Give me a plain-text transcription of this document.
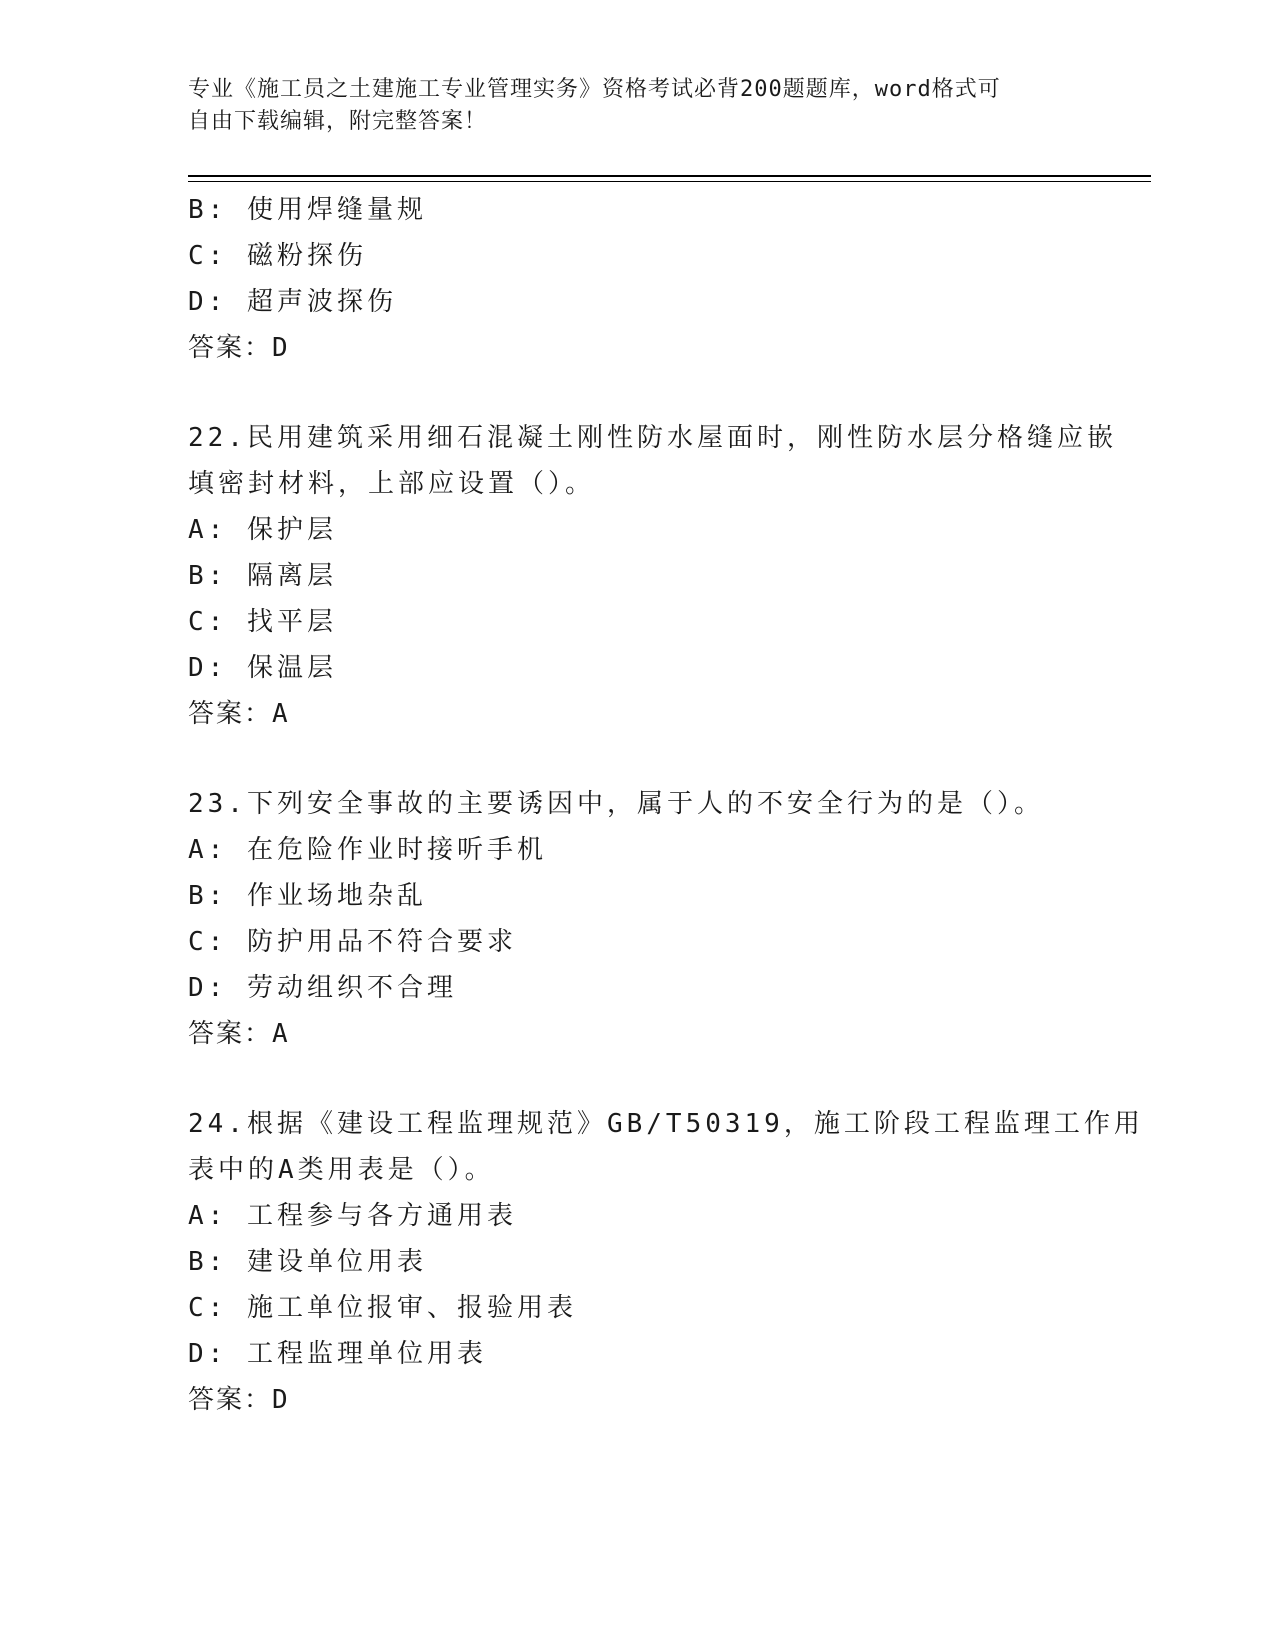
专业《施工员之土建施工专业管理实务》资格考试必背200题题库，word格式可
自由下载编辑，附完整答案！
B: 使用焊缝量规
C: 磁粉探伤
D: 超声波探伤
答案：D
22.民用建筑采用细石混凝土刚性防水屋面时，刚性防水层分格缝应嵌
填密封材料，上部应设置（）。
A: 保护层
B: 隔离层
C: 找平层
D: 保温层
答案：A
23.下列安全事故的主要诱因中，属于人的不安全行为的是（）。
A: 在危险作业时接听手机
B: 作业场地杂乱
C: 防护用品不符合要求
D: 劳动组织不合理
答案：A
24.根据《建设工程监理规范》GB/T50319，施工阶段工程监理工作用
表中的A类用表是（）。
A: 工程参与各方通用表
B: 建设单位用表
C: 施工单位报审、报验用表
D: 工程监理单位用表
答案：D
